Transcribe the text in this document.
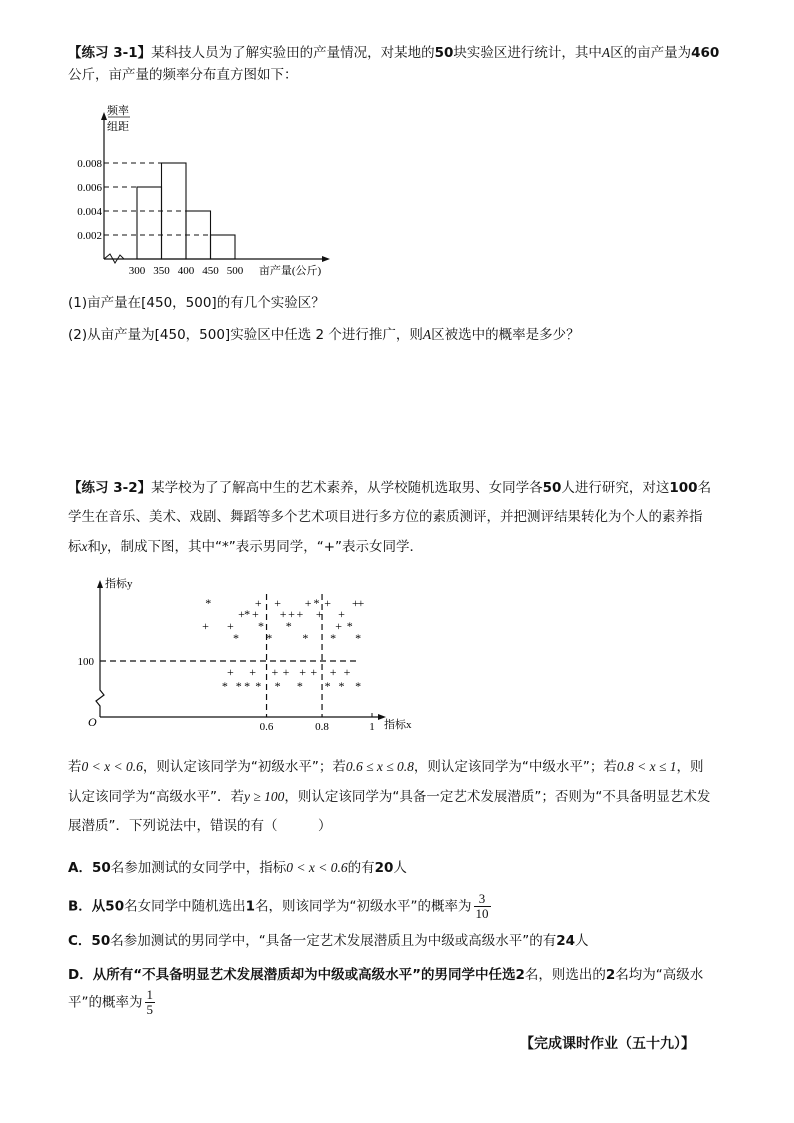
【练习 3-1】某科技人员为了解实验田的产量情况，对某地的50块实验区进行统计，其中A区的亩产量为460
公斤，亩产量的频率分布直方图如下：
频率
组距
0.002
0.004
0.006
0.008
300 350 400 450 500 亩产量(公斤)
(1)亩产量在[450，500]的有几个实验区？
(2)从亩产量为[450，500]实验区中任选 2 个进行推广，则A区被选中的概率是多少？
【练习 3-2】某学校为了了解高中生的艺术素养，从学校随机选取男、女同学各50人进行研究，对这100名
学生在音乐、美术、戏剧、舞蹈等多个艺术项目进行多方位的素质测评，并把测评结果转化为个人的素养指
标x和y，制成下图，其中“*”表示男同学，“+”表示女同学．
指标y
指标x
O
100
0.6	0.8	1
+ +
+ +
+ +
+ + +
+
+
+
+
+
+
+
*
*
*
*
*
*
*
*
*
*
*
+ + + + + + + +
* * * * * * * * *
若0 < x < 0.6，则认定该同学为“初级水平”；若0.6 ≤ x ≤ 0.8，则认定该同学为“中级水平”；若0.8 < x ≤ 1，则
认定该同学为“高级水平”．若y ≥ 100，则认定该同学为“具备一定艺术发展潜质”；否则为“不具备明显艺术发
展潜质”．下列说法中，错误的有（　　　）
A．50名参加测试的女同学中，指标0 < x < 0.6的有20人
B．从50名女同学中随机选出1名，则该同学为“初级水平”的概率为 $\frac{3}{10}$
C．50名参加测试的男同学中，“具备一定艺术发展潜质且为中级或高级水平”的有24人
D．从所有“不具备明显艺术发展潜质却为中级或高级水平”的男同学中任选2名，则选出的2名均为“高级水
平”的概率为 $\frac{1}{5}$
【完成课时作业（五十九）】
